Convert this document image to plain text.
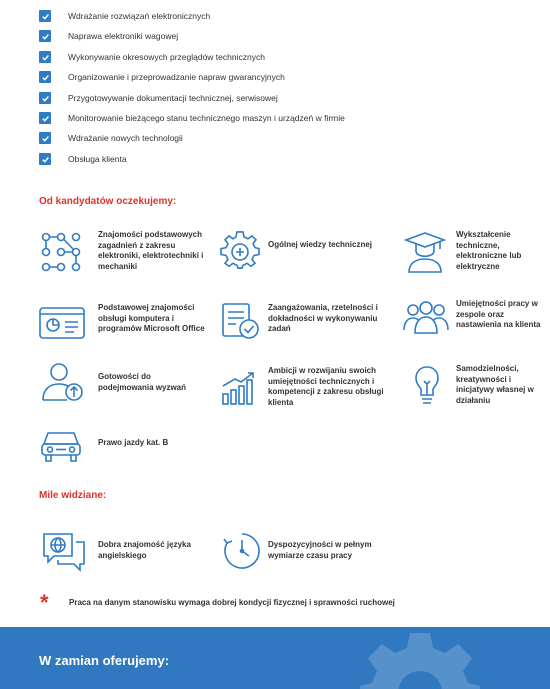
Wdrażanie rozwiązań elektronicznych
Naprawa elektroniki wagowej
Wykonywanie okresowych przeglądów technicznych
Organizowanie i przeprowadzanie napraw gwarancyjnych
Przygotowywanie dokumentacji technicznej, serwisowej
Monitorowanie bieżącego stanu technicznego maszyn i urządzeń w firmie
Wdrażanie nowych technologii
Obsługa klienta
Od kandydatów oczekujemy:
Znajomości podstawowych zagadnień z zakresu elektroniki, elektrotechniki i mechaniki
Ogólnej wiedzy technicznej
Wykształcenie techniczne, elektroniczne lub elektryczne
Podstawowej znajomości obsługi komputera i programów Microsoft Office
Zaangażowania, rzetelności i dokładności w wykonywaniu zadań
Umiejętności pracy w zespole oraz nastawienia na klienta
Gotowości do podejmowania wyzwań
Ambicji w rozwijaniu swoich umiejętności technicznych i kompetencji z zakresu obsługi klienta
Samodzielności, kreatywności i inicjatywy własnej w działaniu
Prawo jazdy kat. B
Mile widziane:
Dobra znajomość języka angielskiego
Dyspozycyjności w pełnym wymiarze czasu pracy
*	Praca na danym stanowisku wymaga dobrej kondycji fizycznej i sprawności ruchowej
W zamian oferujemy:
